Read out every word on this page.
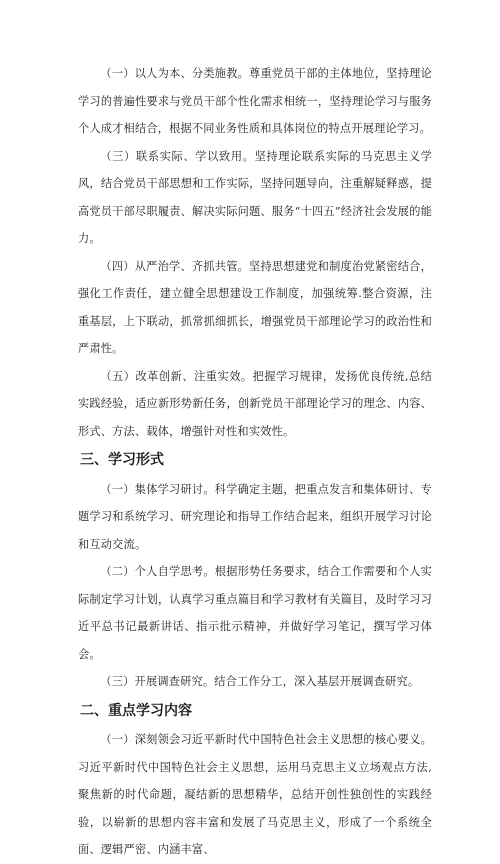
（一）以人为本、分类施教。尊重党员干部的主体地位，坚持理论学习的普遍性要求与党员干部个性化需求相统一，坚持理论学习与服务个人成才相结合，根据不同业务性质和具体岗位的特点开展理论学习。

（三）联系实际、学以致用。坚持理论联系实际的马克思主义学风，结合党员干部思想和工作实际，坚持问题导向，注重解疑释惑，提高党员干部尽职履责、解决实际问题、服务“十四五”经济社会发展的能力。

（四）从严治学、齐抓共管。坚持思想建党和制度治党紧密结合，强化工作责任，建立健全思想建设工作制度，加强统筹.整合资源，注重基层，上下联动，抓常抓细抓长，增强党员干部理论学习的政治性和严肃性。

（五）改革创新、注重实效。把握学习规律，发扬优良传统,总结实践经验，适应新形势新任务，创新党员干部理论学习的理念、内容、形式、方法、载体，增强针对性和实效性。

三、学习形式

（一）集体学习研讨。科学确定主题，把重点发言和集体研讨、专题学习和系统学习、研究理论和指导工作结合起来，组织开展学习讨论和互动交流。

（二）个人自学思考。根据形势任务要求，结合工作需要和个人实际制定学习计划，认真学习重点篇目和学习教材有关篇目，及时学习习近平总书记最新讲话、指示批示精神，并做好学习笔记，撰写学习体会。

（三）开展调查研究。结合工作分工，深入基层开展调查研究。

二、重点学习内容

（一）深刻领会习近平新时代中国特色社会主义思想的核心要义。习近平新时代中国特色社会主义思想，运用马克思主义立场观点方法,聚焦新的时代命题，凝结新的思想精华，总结开创性独创性的实践经验，以崭新的思想内容丰富和发展了马克思主义，形成了一个系统全面、逻辑严密、内涵丰富、
